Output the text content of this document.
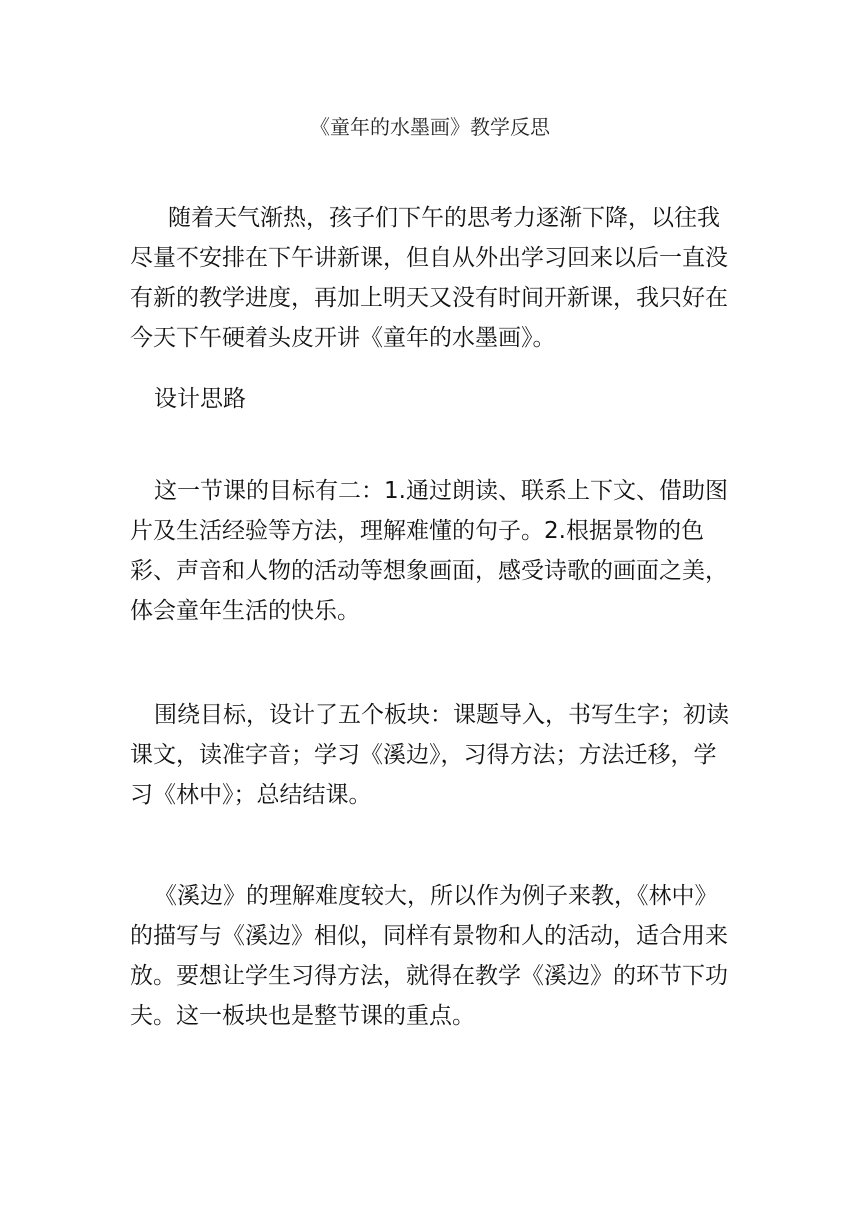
《童年的水墨画》教学反思

随着天气渐热，孩子们下午的思考力逐渐下降，以往我尽量不安排在下午讲新课，但自从外出学习回来以后一直没有新的教学进度，再加上明天又没有时间开新课，我只好在今天下午硬着头皮开讲《童年的水墨画》。

设计思路

这一节课的目标有二：1.通过朗读、联系上下文、借助图片及生活经验等方法，理解难懂的句子。2.根据景物的色彩、声音和人物的活动等想象画面，感受诗歌的画面之美，体会童年生活的快乐。

围绕目标，设计了五个板块：课题导入，书写生字；初读课文，读准字音；学习《溪边》，习得方法；方法迁移，学习《林中》；总结结课。

《溪边》的理解难度较大，所以作为例子来教，《林中》的描写与《溪边》相似，同样有景物和人的活动，适合用来放。要想让学生习得方法，就得在教学《溪边》的环节下功夫。这一板块也是整节课的重点。
